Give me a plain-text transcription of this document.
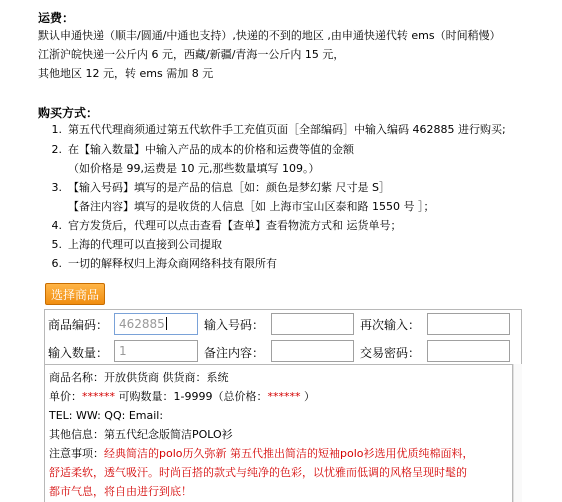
运费：
默认申通快递（顺丰/圆通/中通也支持）,快递的不到的地区 ,由申通快递代转 ems（时间稍慢）
江浙沪皖快递一公斤内 6 元，西藏/新疆/青海一公斤内 15 元，
其他地区 12 元，转 ems 需加 8 元
购买方式：
1. 第五代代理商须通过第五代软件手工充值页面［全部编码］中输入编码 462885 进行购买;
2. 在【输入数量】中输入产品的成本的价格和运费等值的金额
（如价格是 99,运费是 10 元,那些数量填写 109。）
3. 【输入号码】填写的是产品的信息［如：颜色是梦幻紫 尺寸是 S］
【备注内容】填写的是收货的人信息［如 上海市宝山区泰和路 1550 号 ］；
4. 官方发货后，代理可以点击查看【查单】查看物流方式和 运货单号；
5. 上海的代理可以直接到公司提取
6. 一切的解释权归上海众商网络科技有限所有
选择商品
商品编码： 462885	输入号码：	再次输入：
输入数量： 1	备注内容：	交易密码：
商品名称：开放供货商 供货商：系统
单价：****** 可购数量：1-9999（总价格：****** ）
TEL: WW: QQ: Email:
其他信息：第五代纪念版简洁POLO衫
注意事项：经典简洁的polo历久弥新 第五代推出简洁的短袖polo衫选用优质纯棉面料，
舒适柔软，透气吸汗。时尚百搭的款式与纯净的色彩，以忧雅而低调的风格呈现时髦的
都市气息，将自由进行到底！
